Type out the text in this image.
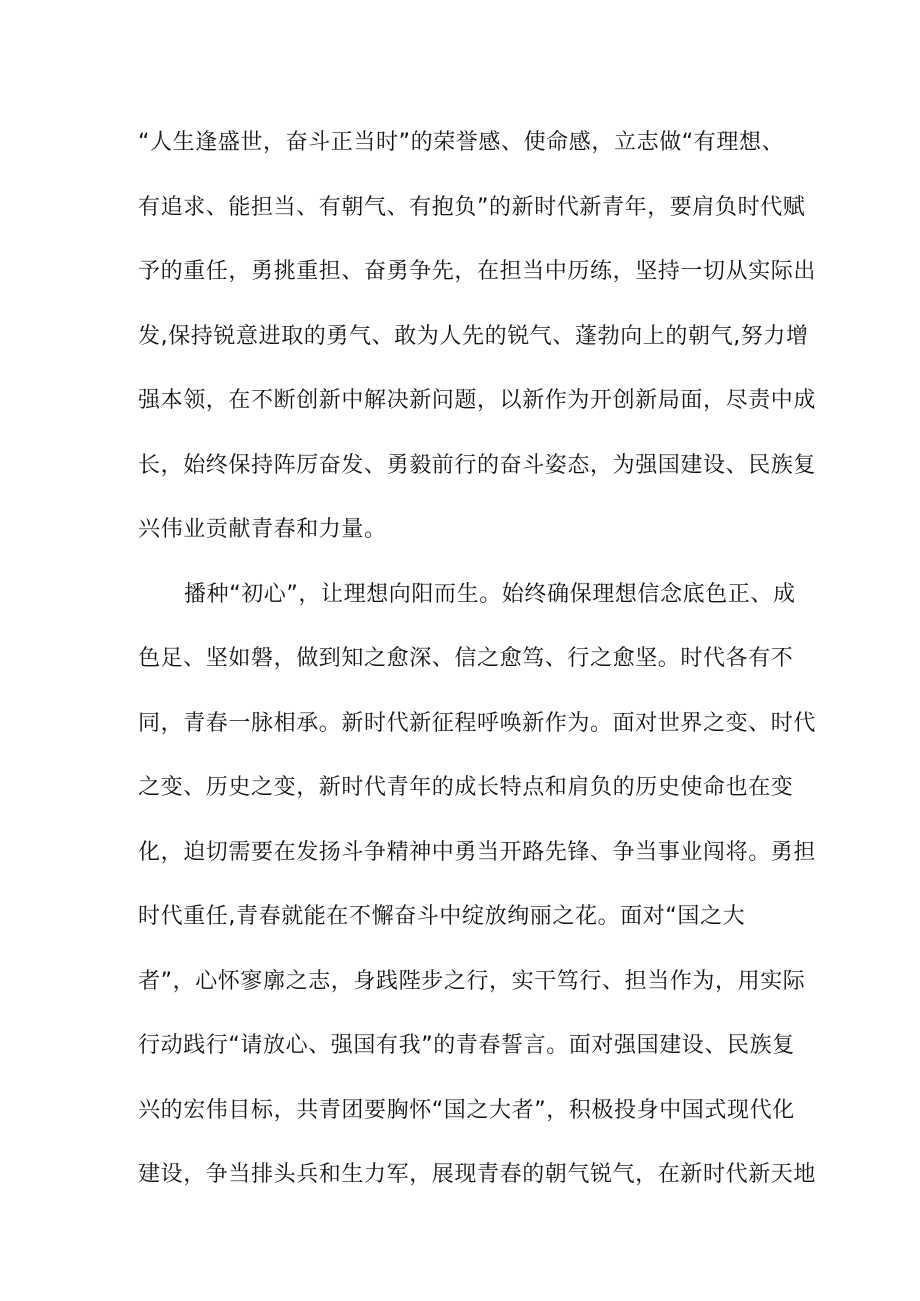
“人生逢盛世，奋斗正当时”的荣誉感、使命感，立志做“有理想、
有追求、能担当、有朝气、有抱负”的新时代新青年，要肩负时代赋
予的重任，勇挑重担、奋勇争先，在担当中历练，坚持一切从实际出
发,保持锐意进取的勇气、敢为人先的锐气、蓬勃向上的朝气,努力增
强本领，在不断创新中解决新问题，以新作为开创新局面，尽责中成
长，始终保持阵厉奋发、勇毅前行的奋斗姿态，为强国建设、民族复
兴伟业贡献青春和力量。
播种“初心”，让理想向阳而生。始终确保理想信念底色正、成
色足、坚如磐，做到知之愈深、信之愈笃、行之愈坚。时代各有不
同，青春一脉相承。新时代新征程呼唤新作为。面对世界之变、时代
之变、历史之变，新时代青年的成长特点和肩负的历史使命也在变
化，迫切需要在发扬斗争精神中勇当开路先锋、争当事业闯将。勇担
时代重任,青春就能在不懈奋斗中绽放绚丽之花。面对“国之大
者”，心怀寥廓之志，身践陛步之行，实干笃行、担当作为，用实际
行动践行“请放心、强国有我”的青春誓言。面对强国建设、民族复
兴的宏伟目标，共青团要胸怀“国之大者”，积极投身中国式现代化
建设，争当排头兵和生力军，展现青春的朝气锐气，在新时代新天地
